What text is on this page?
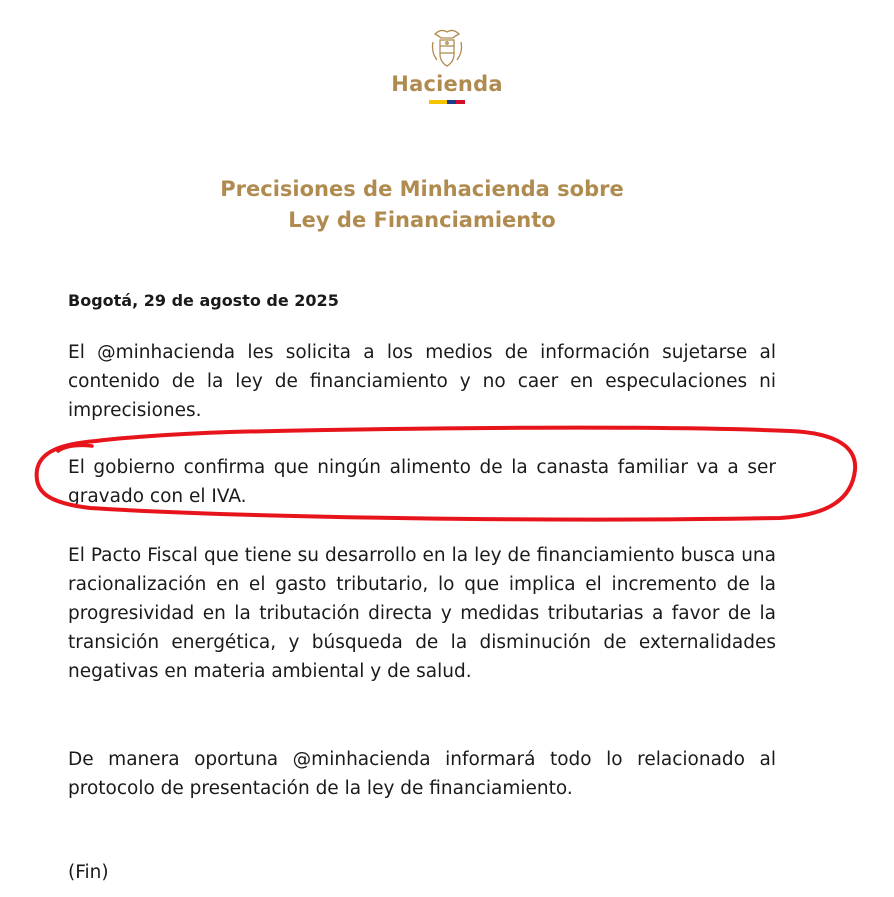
Hacienda
Precisiones de Minhacienda sobre
Ley de Financiamiento

Bogotá, 29 de agosto de 2025

El @minhacienda les solicita a los medios de información sujetarse al contenido de la ley de financiamiento y no caer en especulaciones ni imprecisiones.

El gobierno confirma que ningún alimento de la canasta familiar va a ser gravado con el IVA.

El Pacto Fiscal que tiene su desarrollo en la ley de financiamiento busca una racionalización en el gasto tributario, lo que implica el incremento de la progresividad en la tributación directa y medidas tributarias a favor de la transición energética, y búsqueda de la disminución de externalidades negativas en materia ambiental y de salud.

De manera oportuna @minhacienda informará todo lo relacionado al protocolo de presentación de la ley de financiamiento.

(Fin)
